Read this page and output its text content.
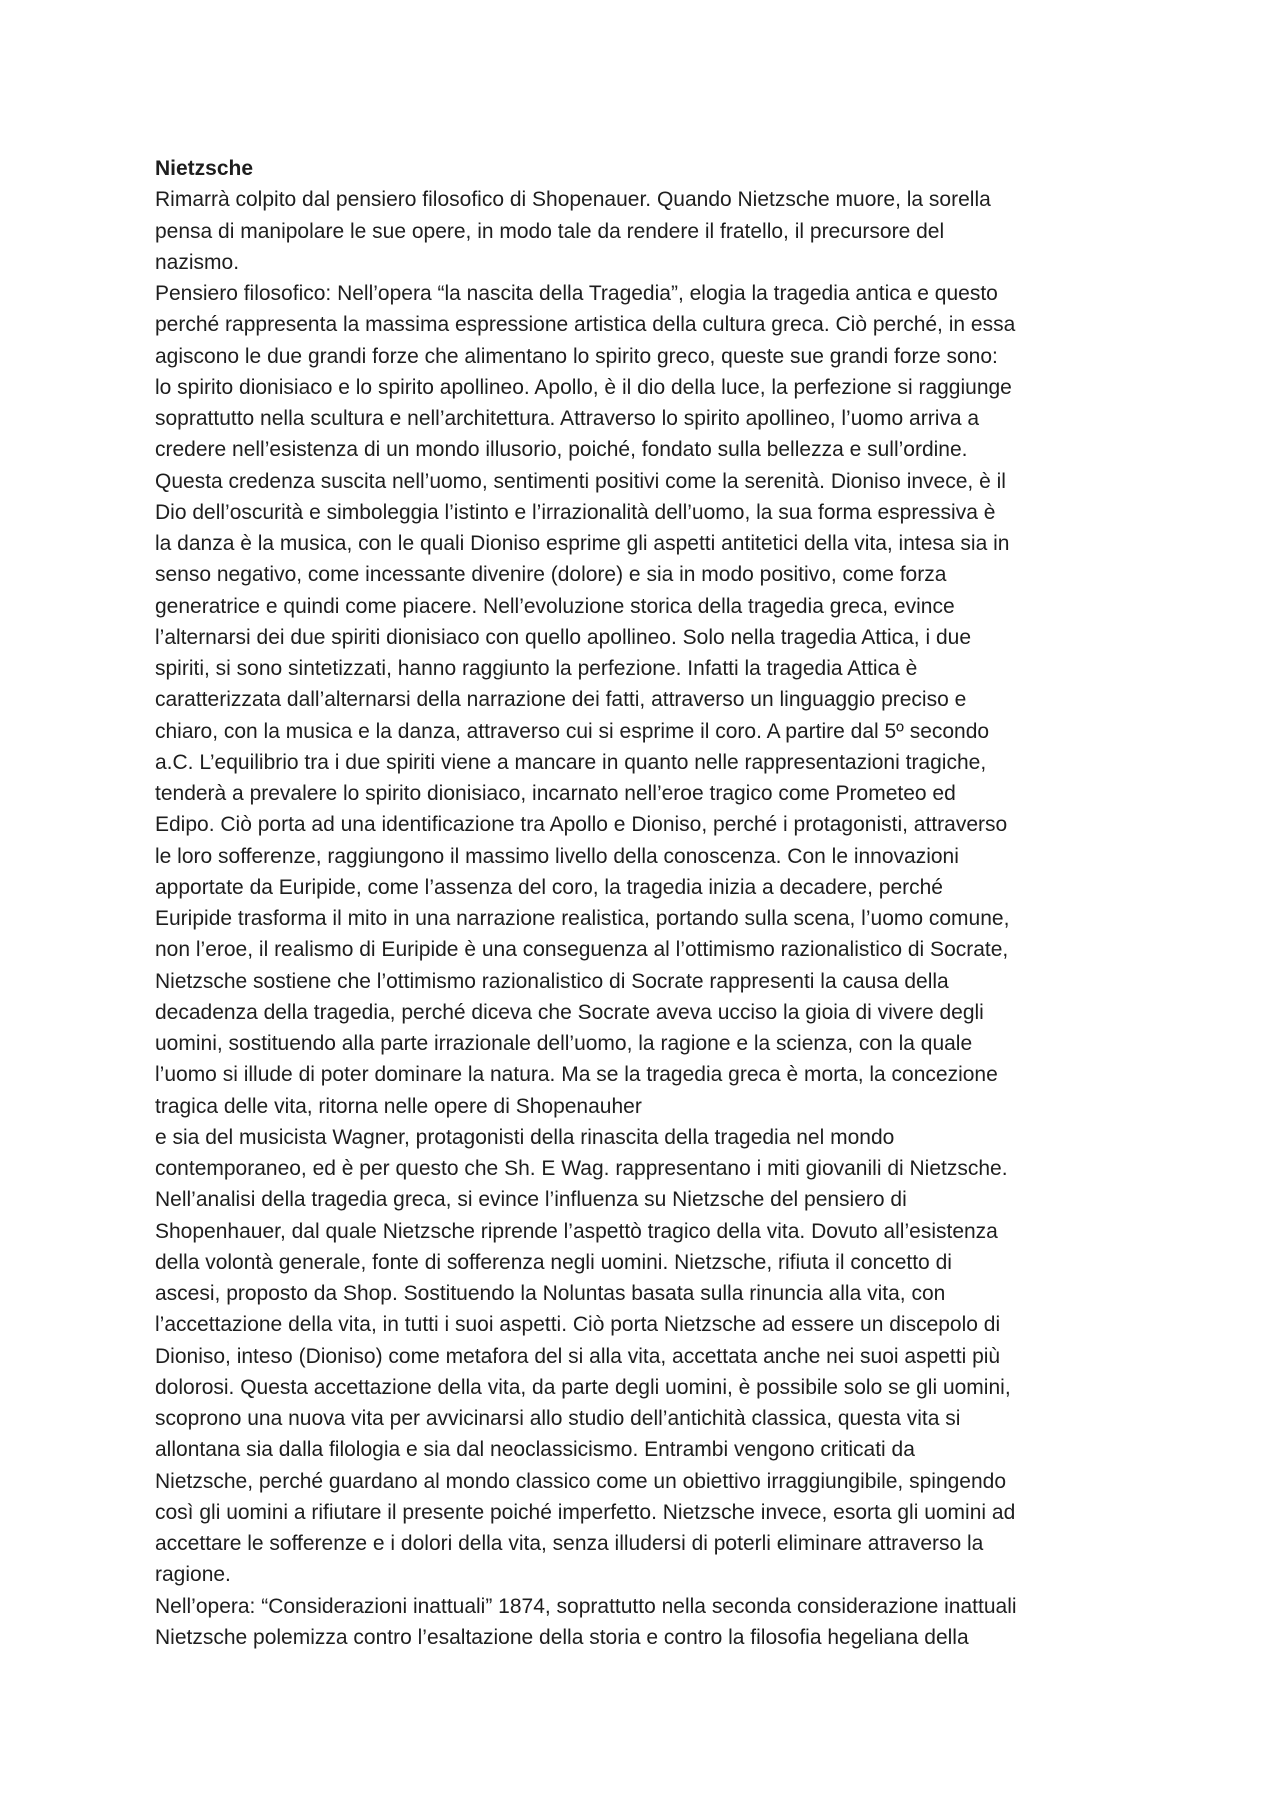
Nietzsche
Rimarrà colpito dal pensiero filosofico di Shopenauer. Quando Nietzsche muore, la sorella
pensa di manipolare le sue opere, in modo tale da rendere il fratello, il precursore del
nazismo.
Pensiero filosofico: Nell’opera “la nascita della Tragedia”, elogia la tragedia antica e questo
perché rappresenta la massima espressione artistica della cultura greca. Ciò perché, in essa
agiscono le due grandi forze che alimentano lo spirito greco, queste sue grandi forze sono:
lo spirito dionisiaco e lo spirito apollineo. Apollo, è il dio della luce, la perfezione si raggiunge
soprattutto nella scultura e nell’architettura. Attraverso lo spirito apollineo, l’uomo arriva a
credere nell’esistenza di un mondo illusorio, poiché, fondato sulla bellezza e sull’ordine.
Questa credenza suscita nell’uomo, sentimenti positivi come la serenità. Dioniso invece, è il
Dio dell’oscurità e simboleggia l’istinto e l’irrazionalità dell’uomo, la sua forma espressiva è
la danza è la musica, con le quali Dioniso esprime gli aspetti antitetici della vita, intesa sia in
senso negativo, come incessante divenire (dolore) e sia in modo positivo, come forza
generatrice e quindi come piacere. Nell’evoluzione storica della tragedia greca, evince
l’alternarsi dei due spiriti dionisiaco con quello apollineo. Solo nella tragedia Attica, i due
spiriti, si sono sintetizzati, hanno raggiunto la perfezione. Infatti la tragedia Attica è
caratterizzata dall’alternarsi della narrazione dei fatti, attraverso un linguaggio preciso e
chiaro, con la musica e la danza, attraverso cui si esprime il coro. A partire dal 5º secondo
a.C. L’equilibrio tra i due spiriti viene a mancare in quanto nelle rappresentazioni tragiche,
tenderà a prevalere lo spirito dionisiaco, incarnato nell’eroe tragico come Prometeo ed
Edipo. Ciò porta ad una identificazione tra Apollo e Dioniso, perché i protagonisti, attraverso
le loro sofferenze, raggiungono il massimo livello della conoscenza. Con le innovazioni
apportate da Euripide, come l’assenza del coro, la tragedia inizia a decadere, perché
Euripide trasforma il mito in una narrazione realistica, portando sulla scena, l’uomo comune,
non l’eroe, il realismo di Euripide è una conseguenza al l’ottimismo razionalistico di Socrate,
Nietzsche sostiene che l’ottimismo razionalistico di Socrate rappresenti la causa della
decadenza della tragedia, perché diceva che Socrate aveva ucciso la gioia di vivere degli
uomini, sostituendo alla parte irrazionale dell’uomo, la ragione e la scienza, con la quale
l’uomo si illude di poter dominare la natura. Ma se la tragedia greca è morta, la concezione
tragica delle vita, ritorna nelle opere di Shopenauher
e sia del musicista Wagner, protagonisti della rinascita della tragedia nel mondo
contemporaneo, ed è per questo che Sh. E Wag. rappresentano i miti giovanili di Nietzsche.
Nell’analisi della tragedia greca, si evince l’influenza su Nietzsche del pensiero di
Shopenhauer, dal quale Nietzsche riprende l’aspettò tragico della vita. Dovuto all’esistenza
della volontà generale, fonte di sofferenza negli uomini. Nietzsche, rifiuta il concetto di
ascesi, proposto da Shop. Sostituendo la Noluntas basata sulla rinuncia alla vita, con
l’accettazione della vita, in tutti i suoi aspetti. Ciò porta Nietzsche ad essere un discepolo di
Dioniso, inteso (Dioniso) come metafora del si alla vita, accettata anche nei suoi aspetti più
dolorosi. Questa accettazione della vita, da parte degli uomini, è possibile solo se gli uomini,
scoprono una nuova vita per avvicinarsi allo studio dell’antichità classica, questa vita si
allontana sia dalla filologia e sia dal neoclassicismo. Entrambi vengono criticati da
Nietzsche, perché guardano al mondo classico come un obiettivo irraggiungibile, spingendo
così gli uomini a rifiutare il presente poiché imperfetto. Nietzsche invece, esorta gli uomini ad
accettare le sofferenze e i dolori della vita, senza illudersi di poterli eliminare attraverso la
ragione.
Nell’opera: “Considerazioni inattuali” 1874, soprattutto nella seconda considerazione inattuali
Nietzsche polemizza contro l’esaltazione della storia e contro la filosofia hegeliana della
